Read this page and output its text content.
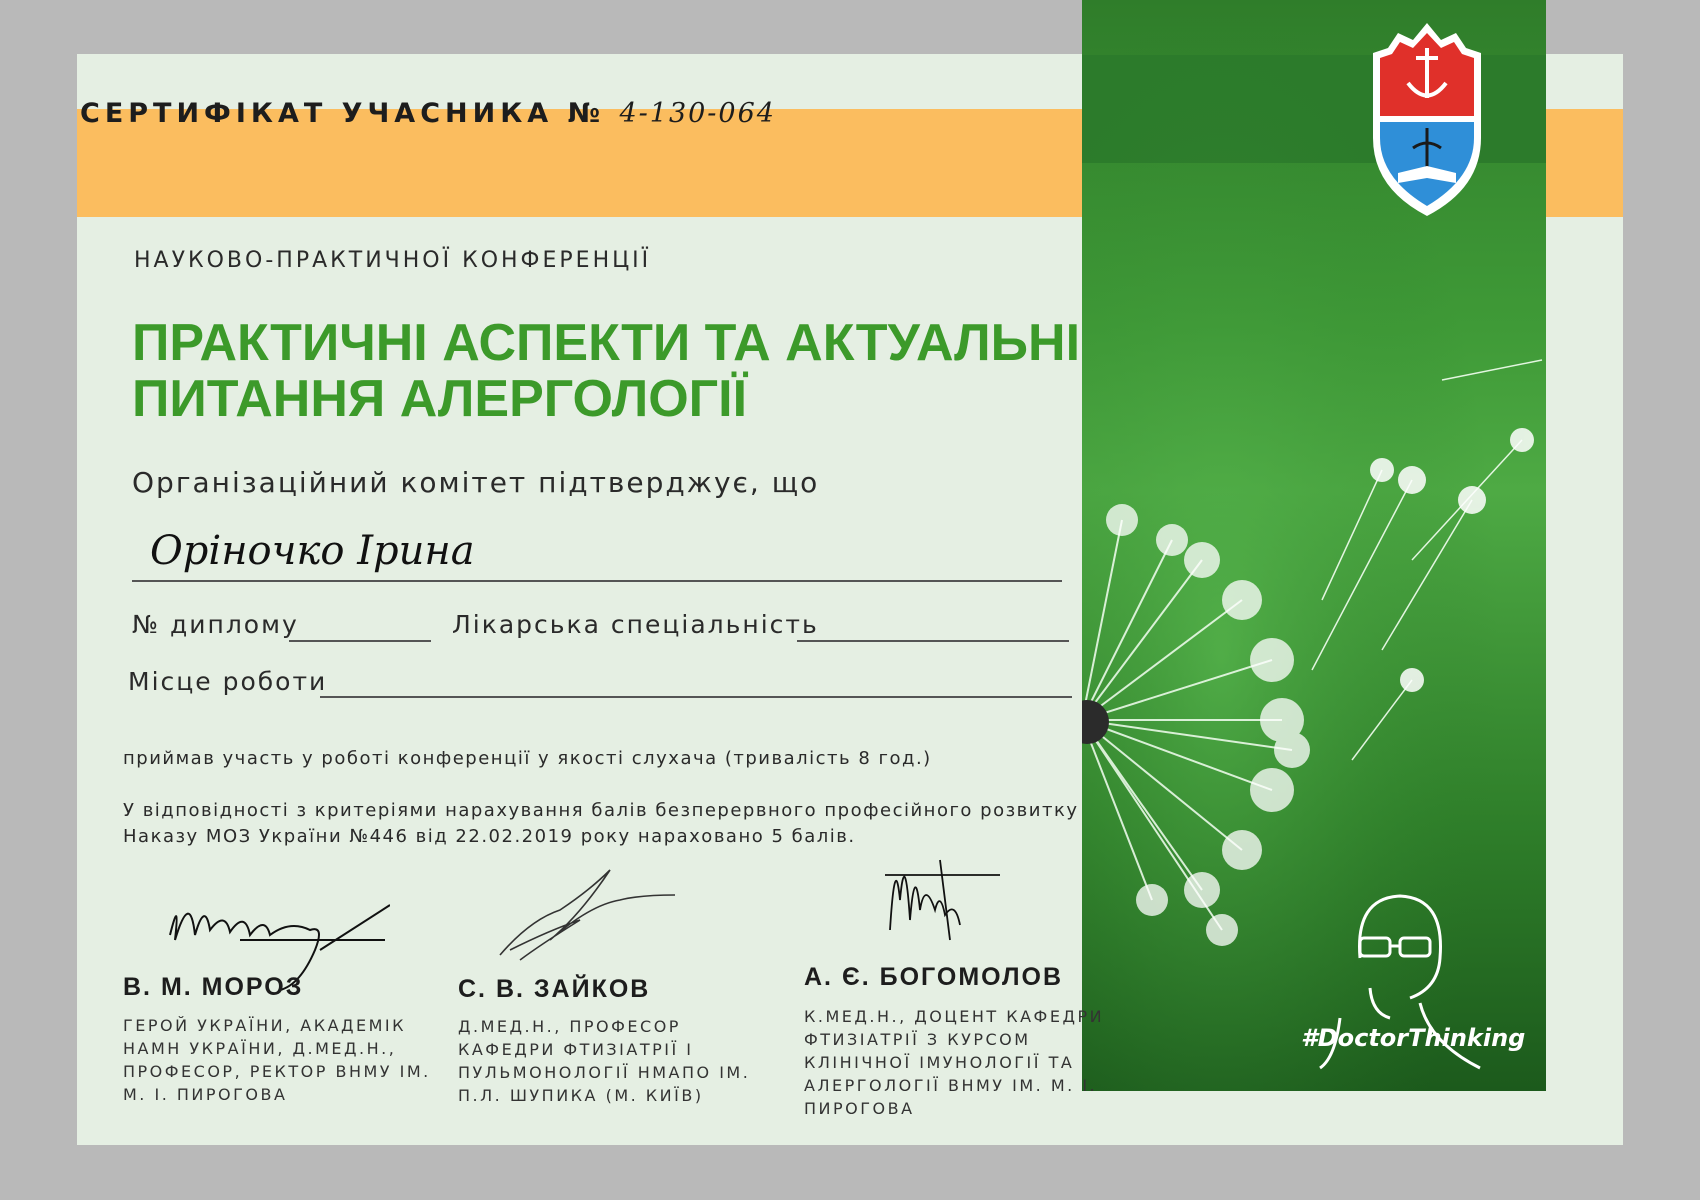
СЕРТИФІКАТ УЧАСНИКА № 4-130-064

#DoctorThinking

НАУКОВО-ПРАКТИЧНОЇ КОНФЕРЕНЦІЇ

ПРАКТИЧНІ АСПЕКТИ ТА АКТУАЛЬНІ ПИТАННЯ АЛЕРГОЛОГІЇ

Організаційний комітет підтверджує, що

Оріночко Ірина

№ диплому	Лікарська спеціальність

Місце роботи

приймав участь у роботі конференції у якості слухача (тривалість 8 год.)

У відповідності з критеріями нарахування балів безперервного професійного розвитку

Наказу МОЗ України №446 від 22.02.2019 року нараховано 5 балів.

В. М. МОРОЗ

ГЕРОЙ УКРАЇНИ, АКАДЕМІК НАМН УКРАЇНИ, Д.МЕД.Н., ПРОФЕСОР, РЕКТОР ВНМУ ІМ. М. І. ПИРОГОВА

С. В. ЗАЙКОВ

Д.МЕД.Н., ПРОФЕСОР КАФЕДРИ ФТИЗІАТРІЇ І ПУЛЬМОНОЛОГІЇ НМАПО ІМ. П.Л. ШУПИКА (М. КИЇВ)

А. Є. БОГОМОЛОВ

К.МЕД.Н., ДОЦЕНТ КАФЕДРИ ФТИЗІАТРІЇ З КУРСОМ КЛІНІЧНОЇ ІМУНОЛОГІЇ ТА АЛЕРГОЛОГІЇ ВНМУ ІМ. М. І. ПИРОГОВА
